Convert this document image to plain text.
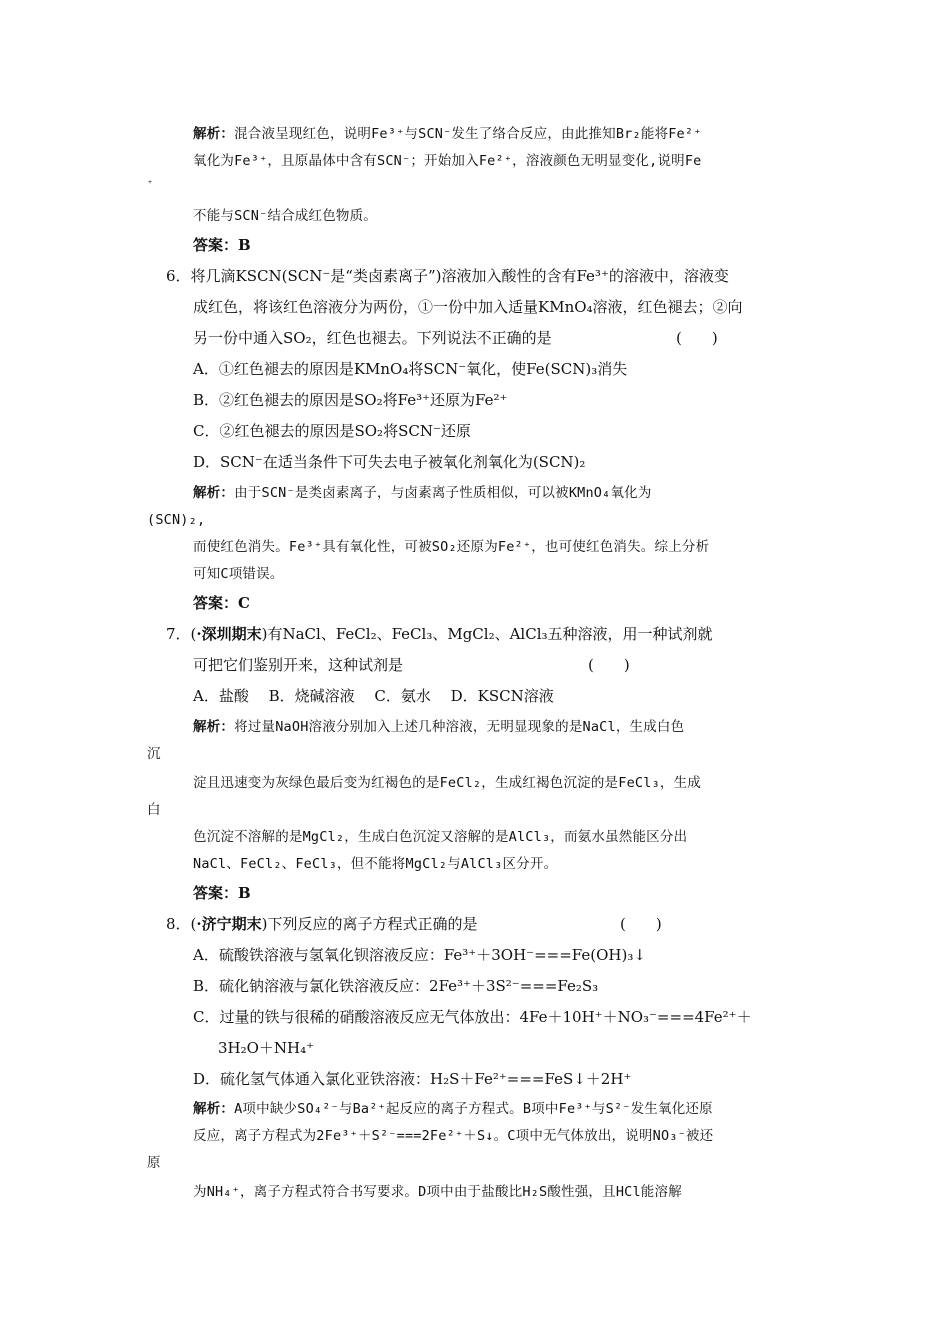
解析：混合液呈现红色，说明Fe³⁺与SCN⁻发生了络合反应，由此推知Br₂能将Fe²⁺
氧化为Fe³⁺，且原晶体中含有SCN⁻；开始加入Fe²⁺，溶液颜色无明显变化,说明Fe
⁺
不能与SCN⁻结合成红色物质。
答案：B
6．将几滴KSCN(SCN⁻是“类卤素离子”)溶液加入酸性的含有Fe³⁺的溶液中，溶液变
成红色，将该红色溶液分为两份，①一份中加入适量KMnO₄溶液，红色褪去；②向
另一份中通入SO₂，红色也褪去。下列说法不正确的是	(　　)
A．①红色褪去的原因是KMnO₄将SCN⁻氧化，使Fe(SCN)₃消失
B．②红色褪去的原因是SO₂将Fe³⁺还原为Fe²⁺
C．②红色褪去的原因是SO₂将SCN⁻还原
D．SCN⁻在适当条件下可失去电子被氧化剂氧化为(SCN)₂
解析：由于SCN⁻是类卤素离子，与卤素离子性质相似，可以被KMnO₄氧化为
(SCN)₂,
而使红色消失。Fe³⁺具有氧化性，可被SO₂还原为Fe²⁺，也可使红色消失。综上分析
可知C项错误。
答案：C
7．(·深圳期末)有NaCl、FeCl₂、FeCl₃、MgCl₂、AlCl₃五种溶液，用一种试剂就
可把它们鉴别开来，这种试剂是	(　　)
A．盐酸　 B．烧碱溶液　 C．氨水　 D．KSCN溶液
解析：将过量NaOH溶液分别加入上述几种溶液，无明显现象的是NaCl，生成白色
沉
淀且迅速变为灰绿色最后变为红褐色的是FeCl₂，生成红褐色沉淀的是FeCl₃，生成
白
色沉淀不溶解的是MgCl₂，生成白色沉淀又溶解的是AlCl₃，而氨水虽然能区分出
NaCl、FeCl₂、FeCl₃，但不能将MgCl₂与AlCl₃区分开。
答案：B
8．(·济宁期末)下列反应的离子方程式正确的是	(　　)
A．硫酸铁溶液与氢氧化钡溶液反应：Fe³⁺＋3OH⁻===Fe(OH)₃↓
B．硫化钠溶液与氯化铁溶液反应：2Fe³⁺＋3S²⁻===Fe₂S₃
C．过量的铁与很稀的硝酸溶液反应无气体放出：4Fe＋10H⁺＋NO₃⁻===4Fe²⁺＋
3H₂O＋NH₄⁺
D．硫化氢气体通入氯化亚铁溶液：H₂S＋Fe²⁺===FeS↓＋2H⁺
解析：A项中缺少SO₄²⁻与Ba²⁺起反应的离子方程式。B项中Fe³⁺与S²⁻发生氧化还原
反应，离子方程式为2Fe³⁺＋S²⁻===2Fe²⁺＋S↓。C项中无气体放出，说明NO₃⁻被还
原
为NH₄⁺，离子方程式符合书写要求。D项中由于盐酸比H₂S酸性强，且HCl能溶解
